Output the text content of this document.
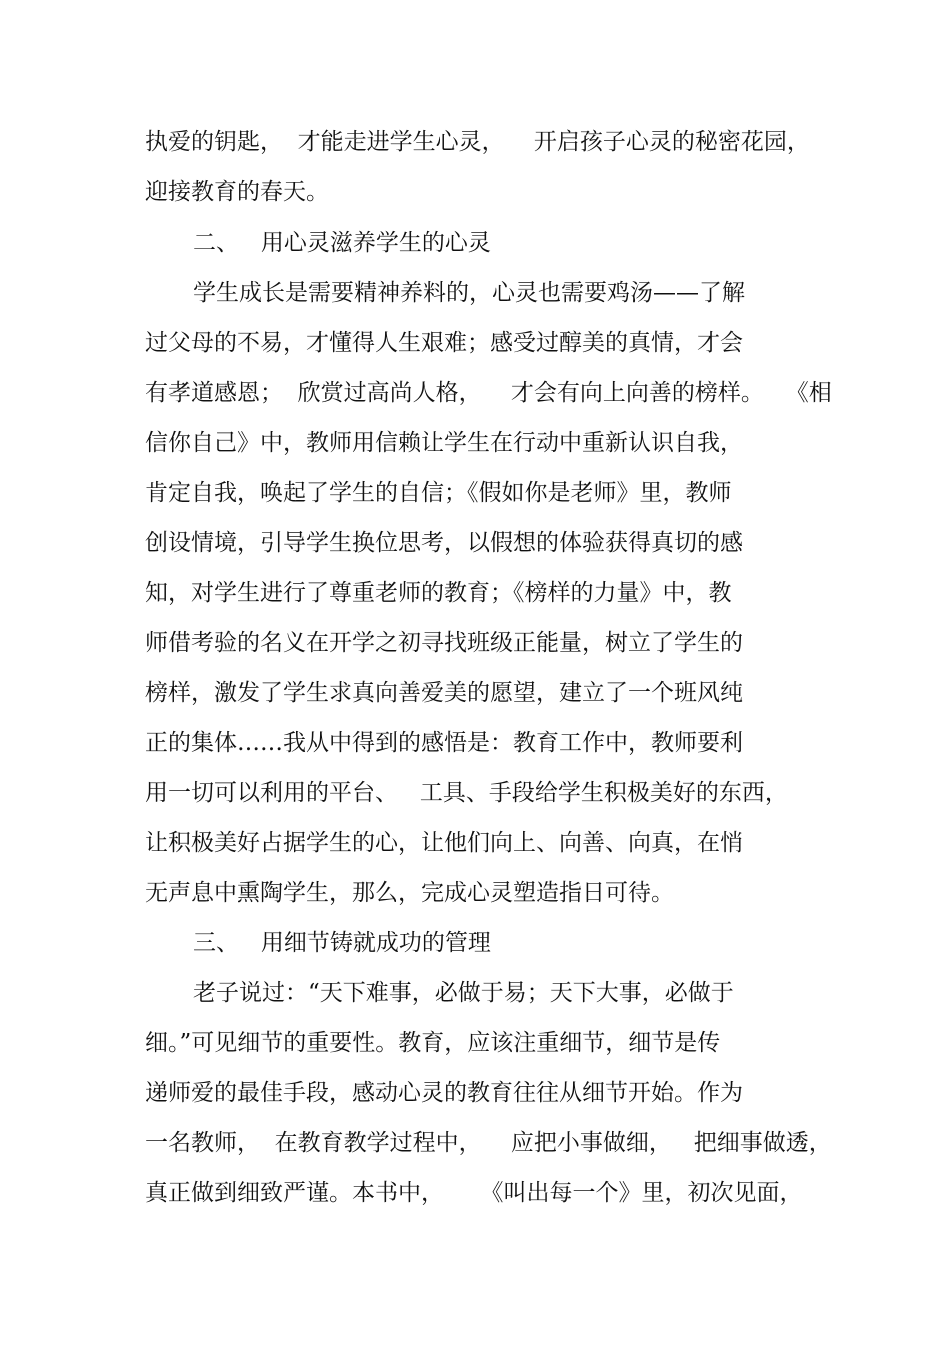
执爱的钥匙，  才能走进学生心灵，    开启孩子心灵的秘密花园，
迎接教育的春天。
二、   用心灵滋养学生的心灵
学生成长是需要精神养料的，心灵也需要鸡汤——了解
过父母的不易，才懂得人生艰难；感受过醇美的真情，才会
有孝道感恩；  欣赏过高尚人格，    才会有向上向善的榜样。   《相
信你自己》中，教师用信赖让学生在行动中重新认识自我，
肯定自我，唤起了学生的自信；《假如你是老师》里，教师
创设情境，引导学生换位思考，以假想的体验获得真切的感
知，对学生进行了尊重老师的教育；《榜样的力量》中，教
师借考验的名义在开学之初寻找班级正能量，树立了学生的
榜样，激发了学生求真向善爱美的愿望，建立了一个班风纯
正的集体……我从中得到的感悟是：教育工作中，教师要利
用一切可以利用的平台、   工具、手段给学生积极美好的东西，
让积极美好占据学生的心，让他们向上、向善、向真，在悄
无声息中熏陶学生，那么，完成心灵塑造指日可待。
三、   用细节铸就成功的管理
老子说过：“天下难事，必做于易；天下大事，必做于
细。”可见细节的重要性。教育，应该注重细节，细节是传
递师爱的最佳手段，感动心灵的教育往往从细节开始。作为
一名教师，  在教育教学过程中，    应把小事做细，   把细事做透，
真正做到细致严谨。本书中，     《叫出每一个》里，初次见面，
